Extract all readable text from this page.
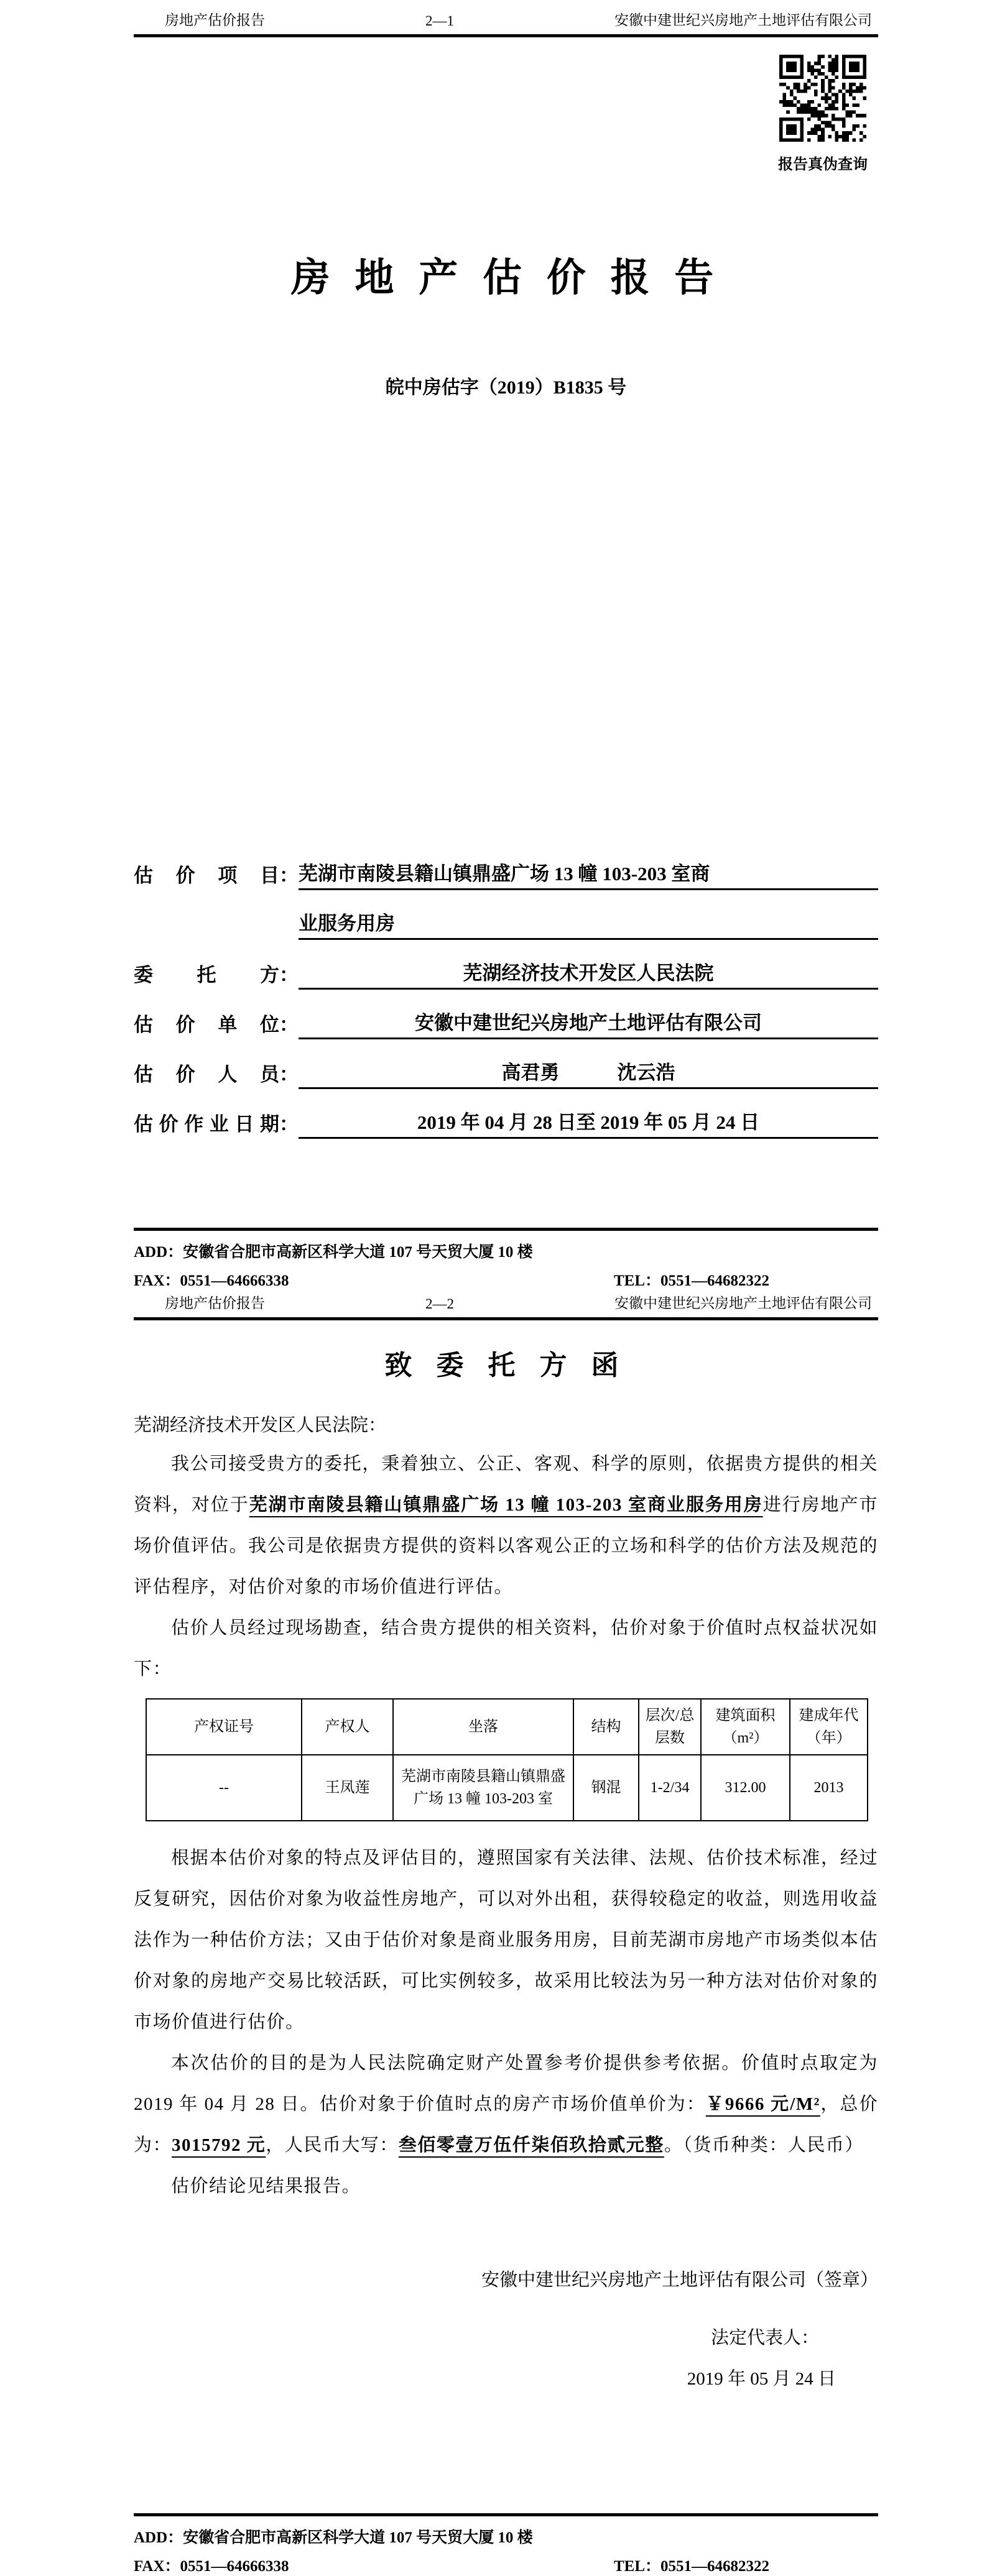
房地产估价报告	2—1	安徽中建世纪兴房地产土地评估有限公司
报告真伪查询
房 地 产 估 价 报 告
皖中房估字（2019）B1835 号
估价项目 ： 芜湖市南陵县籍山镇鼎盛广场 13 幢 103-203 室商
业服务用房
委托方 ：	芜湖经济技术开发区人民法院
估价单位 ：	安徽中建世纪兴房地产土地评估有限公司
估价人员 ：	高君勇　　　沈云浩
估价作业日期 ：	2019 年 04 月 28 日至 2019 年 05 月 24 日
ADD：安徽省合肥市高新区科学大道 107 号天贸大厦 10 楼
FAX：0551—64666338	TEL：0551—64682322
房地产估价报告	2—2	安徽中建世纪兴房地产土地评估有限公司
致 委 托 方 函
芜湖经济技术开发区人民法院：

我公司接受贵方的委托，秉着独立、公正、客观、科学的原则，依据贵方提供的相关资料，对位于芜湖市南陵县籍山镇鼎盛广场 13 幢 103-203 室商业服务用房进行房地产市场价值评估。我公司是依据贵方提供的资料以客观公正的立场和科学的估价方法及规范的评估程序，对估价对象的市场价值进行评估。

估价人员经过现场勘查，结合贵方提供的相关资料，估价对象于价值时点权益状况如下：

产权证号	产权人	坐落	结构	层次/总层数	建筑面积（m²）	建成年代（年）
--	王凤莲	芜湖市南陵县籍山镇鼎盛广场 13 幢 103-203 室	钢混	1-2/34	312.00	2013

根据本估价对象的特点及评估目的，遵照国家有关法律、法规、估价技术标准，经过反复研究，因估价对象为收益性房地产，可以对外出租，获得较稳定的收益，则选用收益法作为一种估价方法；又由于估价对象是商业服务用房，目前芜湖市房地产市场类似本估价对象的房地产交易比较活跃，可比实例较多，故采用比较法为另一种方法对估价对象的市场价值进行估价。

本次估价的目的是为人民法院确定财产处置参考价提供参考依据。价值时点取定为 2019 年 04 月 28 日。估价对象于价值时点的房产市场价值单价为：￥9666 元/M²，总价为：3015792 元，人民币大写：叁佰零壹万伍仟柒佰玖拾贰元整。（货币种类：人民币）

估价结论见结果报告。

安徽中建世纪兴房地产土地评估有限公司（签章）
法定代表人：
2019 年 05 月 24 日
ADD：安徽省合肥市高新区科学大道 107 号天贸大厦 10 楼
FAX：0551—64666338	TEL：0551—64682322
